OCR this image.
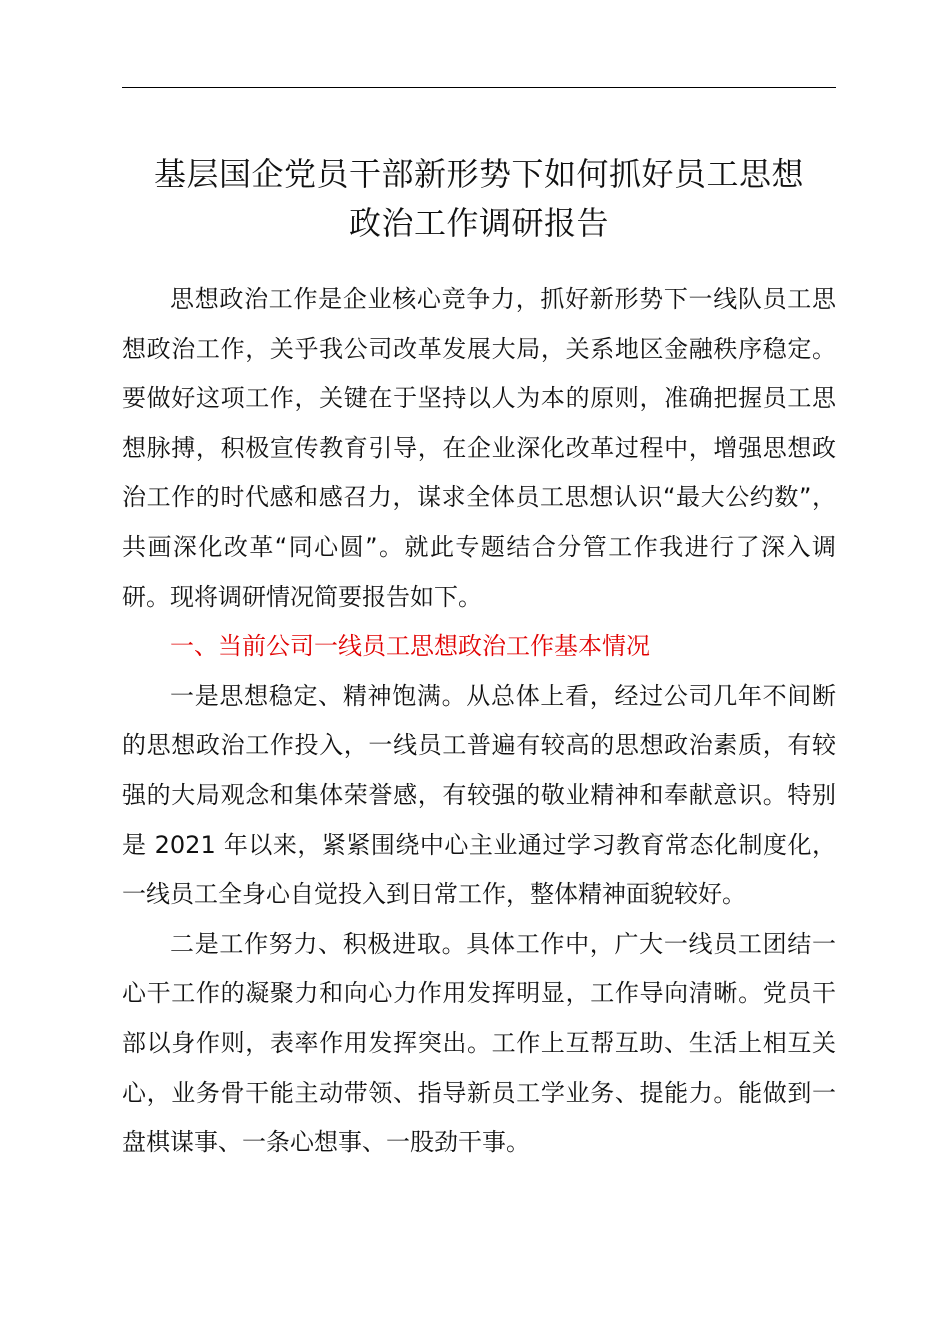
基层国企党员干部新形势下如何抓好员工思想
政治工作调研报告

思想政治工作是企业核心竞争力，抓好新形势下一线队员工思想政治工作，关乎我公司改革发展大局，关系地区金融秩序稳定。要做好这项工作，关键在于坚持以人为本的原则，准确把握员工思想脉搏，积极宣传教育引导，在企业深化改革过程中，增强思想政治工作的时代感和感召力，谋求全体员工思想认识“最大公约数”，共画深化改革“同心圆”。就此专题结合分管工作我进行了深入调研。现将调研情况简要报告如下。

一、当前公司一线员工思想政治工作基本情况

一是思想稳定、精神饱满。从总体上看，经过公司几年不间断的思想政治工作投入，一线员工普遍有较高的思想政治素质，有较强的大局观念和集体荣誉感，有较强的敬业精神和奉献意识。特别是 2021 年以来，紧紧围绕中心主业通过学习教育常态化制度化，一线员工全身心自觉投入到日常工作，整体精神面貌较好。

二是工作努力、积极进取。具体工作中，广大一线员工团结一心干工作的凝聚力和向心力作用发挥明显，工作导向清晰。党员干部以身作则，表率作用发挥突出。工作上互帮互助、生活上相互关心，业务骨干能主动带领、指导新员工学业务、提能力。能做到一盘棋谋事、一条心想事、一股劲干事。
